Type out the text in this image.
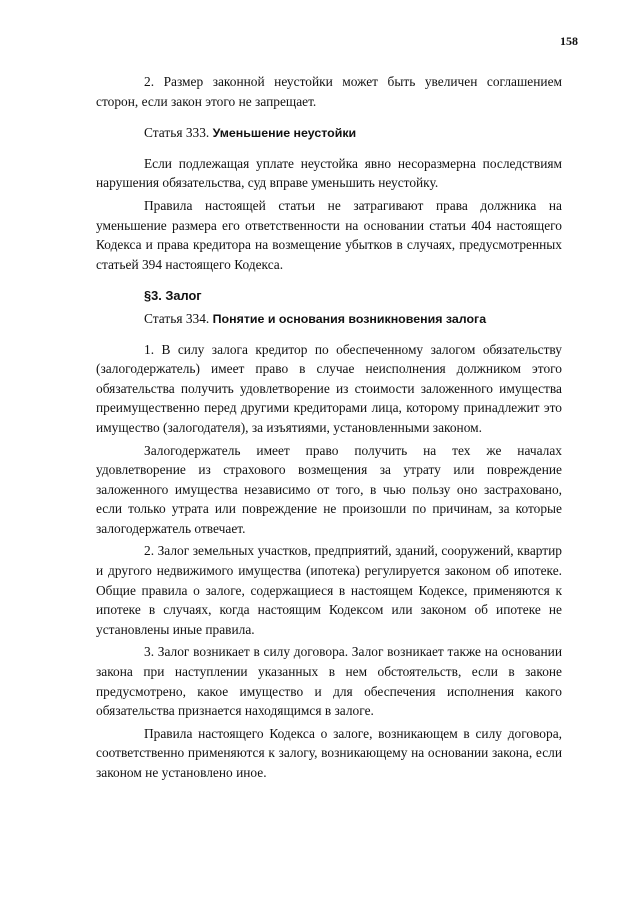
158

2. Размер законной неустойки может быть увеличен соглашением сторон, если закон этого не запрещает.

Статья 333. Уменьшение неустойки

Если подлежащая уплате неустойка явно несоразмерна последствиям нарушения обязательства, суд вправе уменьшить неустойку.

Правила настоящей статьи не затрагивают права должника на уменьшение размера его ответственности на основании статьи 404 настоящего Кодекса и права кредитора на возмещение убытков в случаях, предусмотренных статьей 394 настоящего Кодекса.

§3. Залог

Статья 334. Понятие и основания возникновения залога

1. В силу залога кредитор по обеспеченному залогом обязательству (залогодержатель) имеет право в случае неисполнения должником этого обязательства получить удовлетворение из стоимости заложенного имущества преимущественно перед другими кредиторами лица, которому принадлежит это имущество (залогодателя), за изъятиями, установленными законом.

Залогодержатель имеет право получить на тех же началах удовлетворение из страхового возмещения за утрату или повреждение заложенного имущества независимо от того, в чью пользу оно застраховано, если только утрата или повреждение не произошли по причинам, за которые залогодержатель отвечает.

2. Залог земельных участков, предприятий, зданий, сооружений, квартир и другого недвижимого имущества (ипотека) регулируется законом об ипотеке. Общие правила о залоге, содержащиеся в настоящем Кодексе, применяются к ипотеке в случаях, когда настоящим Кодексом или законом об ипотеке не установлены иные правила.

3. Залог возникает в силу договора. Залог возникает также на основании закона при наступлении указанных в нем обстоятельств, если в законе предусмотрено, какое имущество и для обеспечения исполнения какого обязательства признается находящимся в залоге.

Правила настоящего Кодекса о залоге, возникающем в силу договора, соответственно применяются к залогу, возникающему на основании закона, если законом не установлено иное.
